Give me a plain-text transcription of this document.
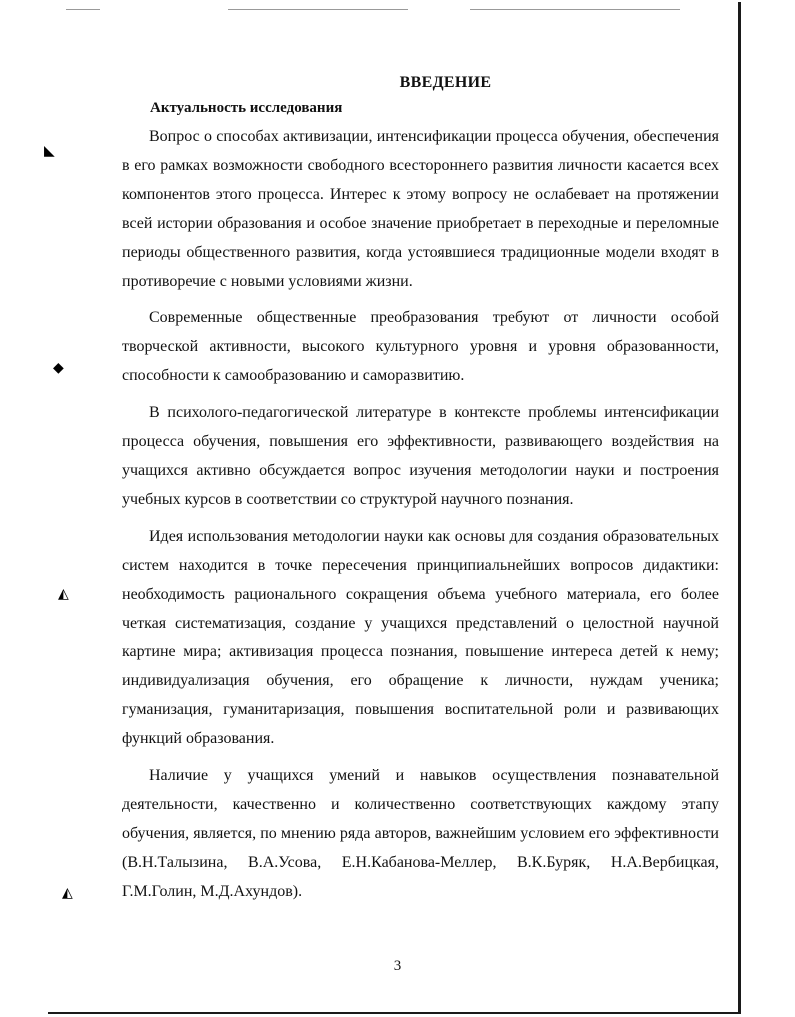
◣
◆
◭
◭
ВВЕДЕНИЕ
Актуальность исследования

Вопрос о способах активизации, интенсификации процесса обучения, обеспечения в его рамках возможности свободного всестороннего развития личности касается всех компонентов этого процесса. Интерес к этому вопросу не ослабевает на протяжении всей истории образования и особое значение приобретает в переходные и переломные периоды общественного развития, когда устоявшиеся традиционные модели входят в противоречие с новыми условиями жизни.

Современные общественные преобразования требуют от личности особой творческой активности, высокого культурного уровня и уровня образованности, способности к самообразованию и саморазвитию.

В психолого-педагогической литературе в контексте проблемы интенсификации процесса обучения, повышения его эффективности, развивающего воздействия на учащихся активно обсуждается вопрос изучения методологии науки и построения учебных курсов в соответствии со структурой научного познания.

Идея использования методологии науки как основы для создания образовательных систем находится в точке пересечения принципиальнейших вопросов дидактики: необходимость рационального сокращения объема учебного материала, его более четкая систематизация, создание у учащихся представлений о целостной научной картине мира; активизация процесса познания, повышение интереса детей к нему; индивидуализация обучения, его обращение к личности, нуждам ученика; гуманизация, гуманитаризация, повышения воспитательной роли и развивающих функций образования.

Наличие у учащихся умений и навыков осуществления познавательной деятельности, качественно и количественно соответствующих каждому этапу обучения, является, по мнению ряда авторов, важнейшим условием его эффективности (В.Н.Талызина, В.А.Усова, Е.Н.Кабанова-Меллер, В.К.Буряк, Н.А.Вербицкая, Г.М.Голин, М.Д.Ахундов).

3
